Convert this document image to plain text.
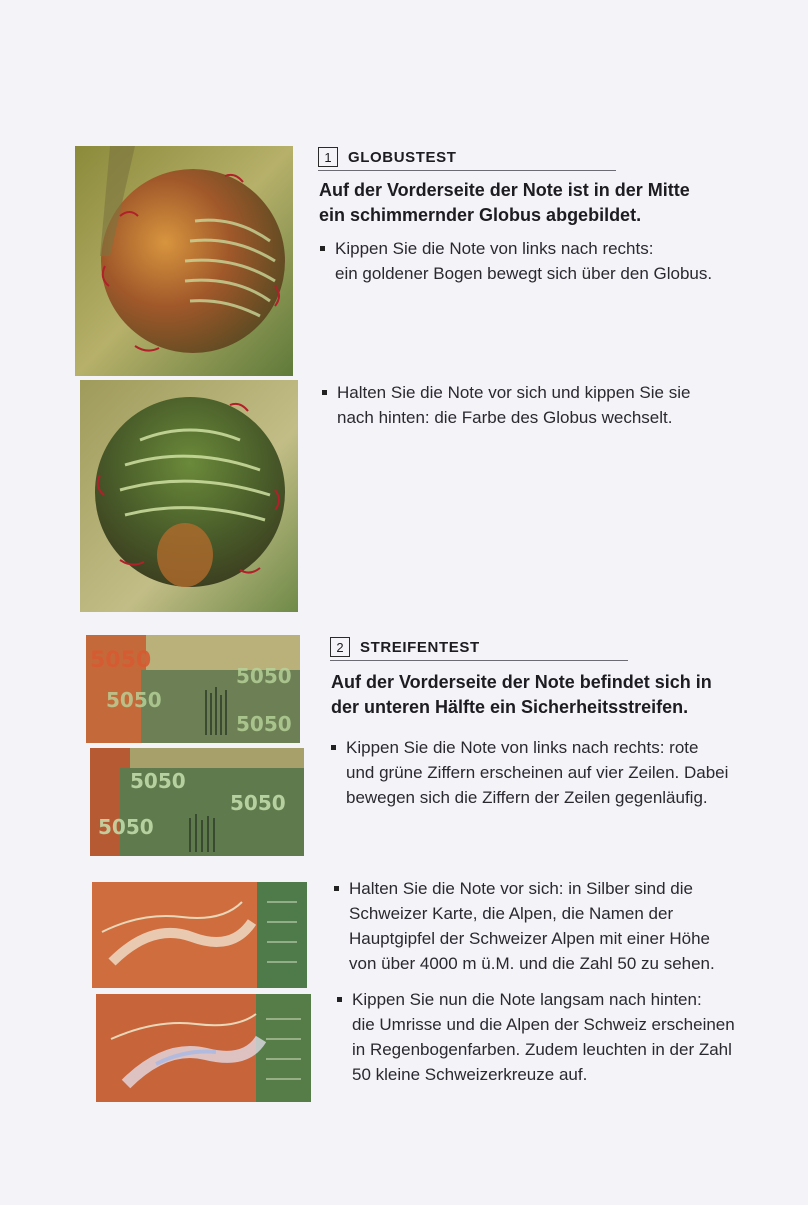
5050
5050
5050
5050
5050
5050
5050
1	GLOBUSTEST
Auf der Vorderseite der Note ist in der Mitte
ein schimmernder Globus abgebildet.
Kippen Sie die Note von links nach rechts:
ein goldener Bogen bewegt sich über den Globus.
Halten Sie die Note vor sich und kippen Sie sie
nach hinten: die Farbe des Globus wechselt.
2	STREIFENTEST
Auf der Vorderseite der Note befindet sich in
der unteren Hälfte ein Sicherheitsstreifen.
Kippen Sie die Note von links nach rechts: rote
und grüne Ziffern erscheinen auf vier Zeilen. Dabei
bewegen sich die Ziffern der Zeilen gegenläufig.
Halten Sie die Note vor sich: in Silber sind die
Schweizer Karte, die Alpen, die Namen der
Hauptgipfel der Schweizer Alpen mit einer Höhe
von über 4000 m ü.M. und die Zahl 50 zu sehen.
Kippen Sie nun die Note langsam nach hinten:
die Umrisse und die Alpen der Schweiz erscheinen
in Regenbogenfarben. Zudem leuchten in der Zahl
50 kleine Schweizerkreuze auf.
